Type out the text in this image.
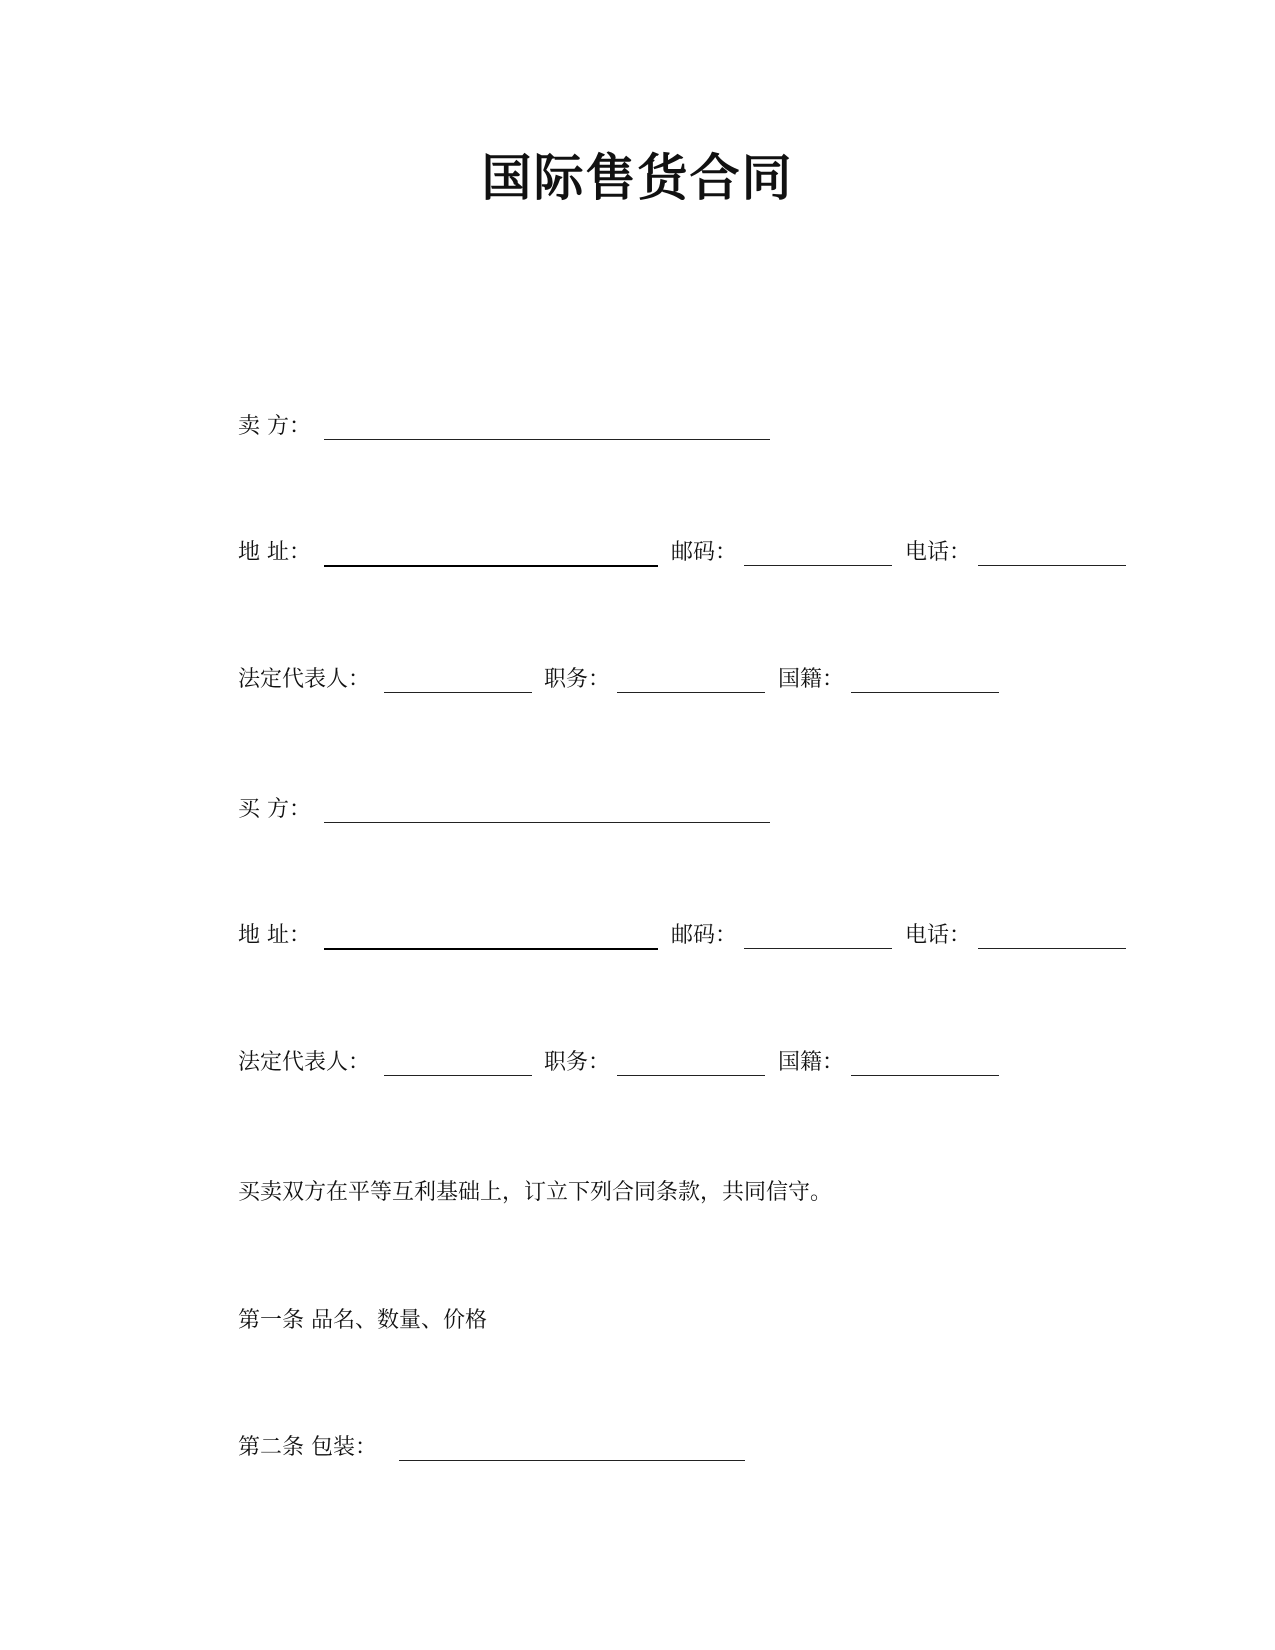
国际售货合同
卖 方：
地 址：	邮码：	电话：
法定代表人：	职务：	国籍：
买 方：
地 址：	邮码：	电话：
法定代表人：	职务：	国籍：
买卖双方在平等互利基础上，订立下列合同条款，共同信守。
第一条 品名、数量、价格
第二条 包装：
